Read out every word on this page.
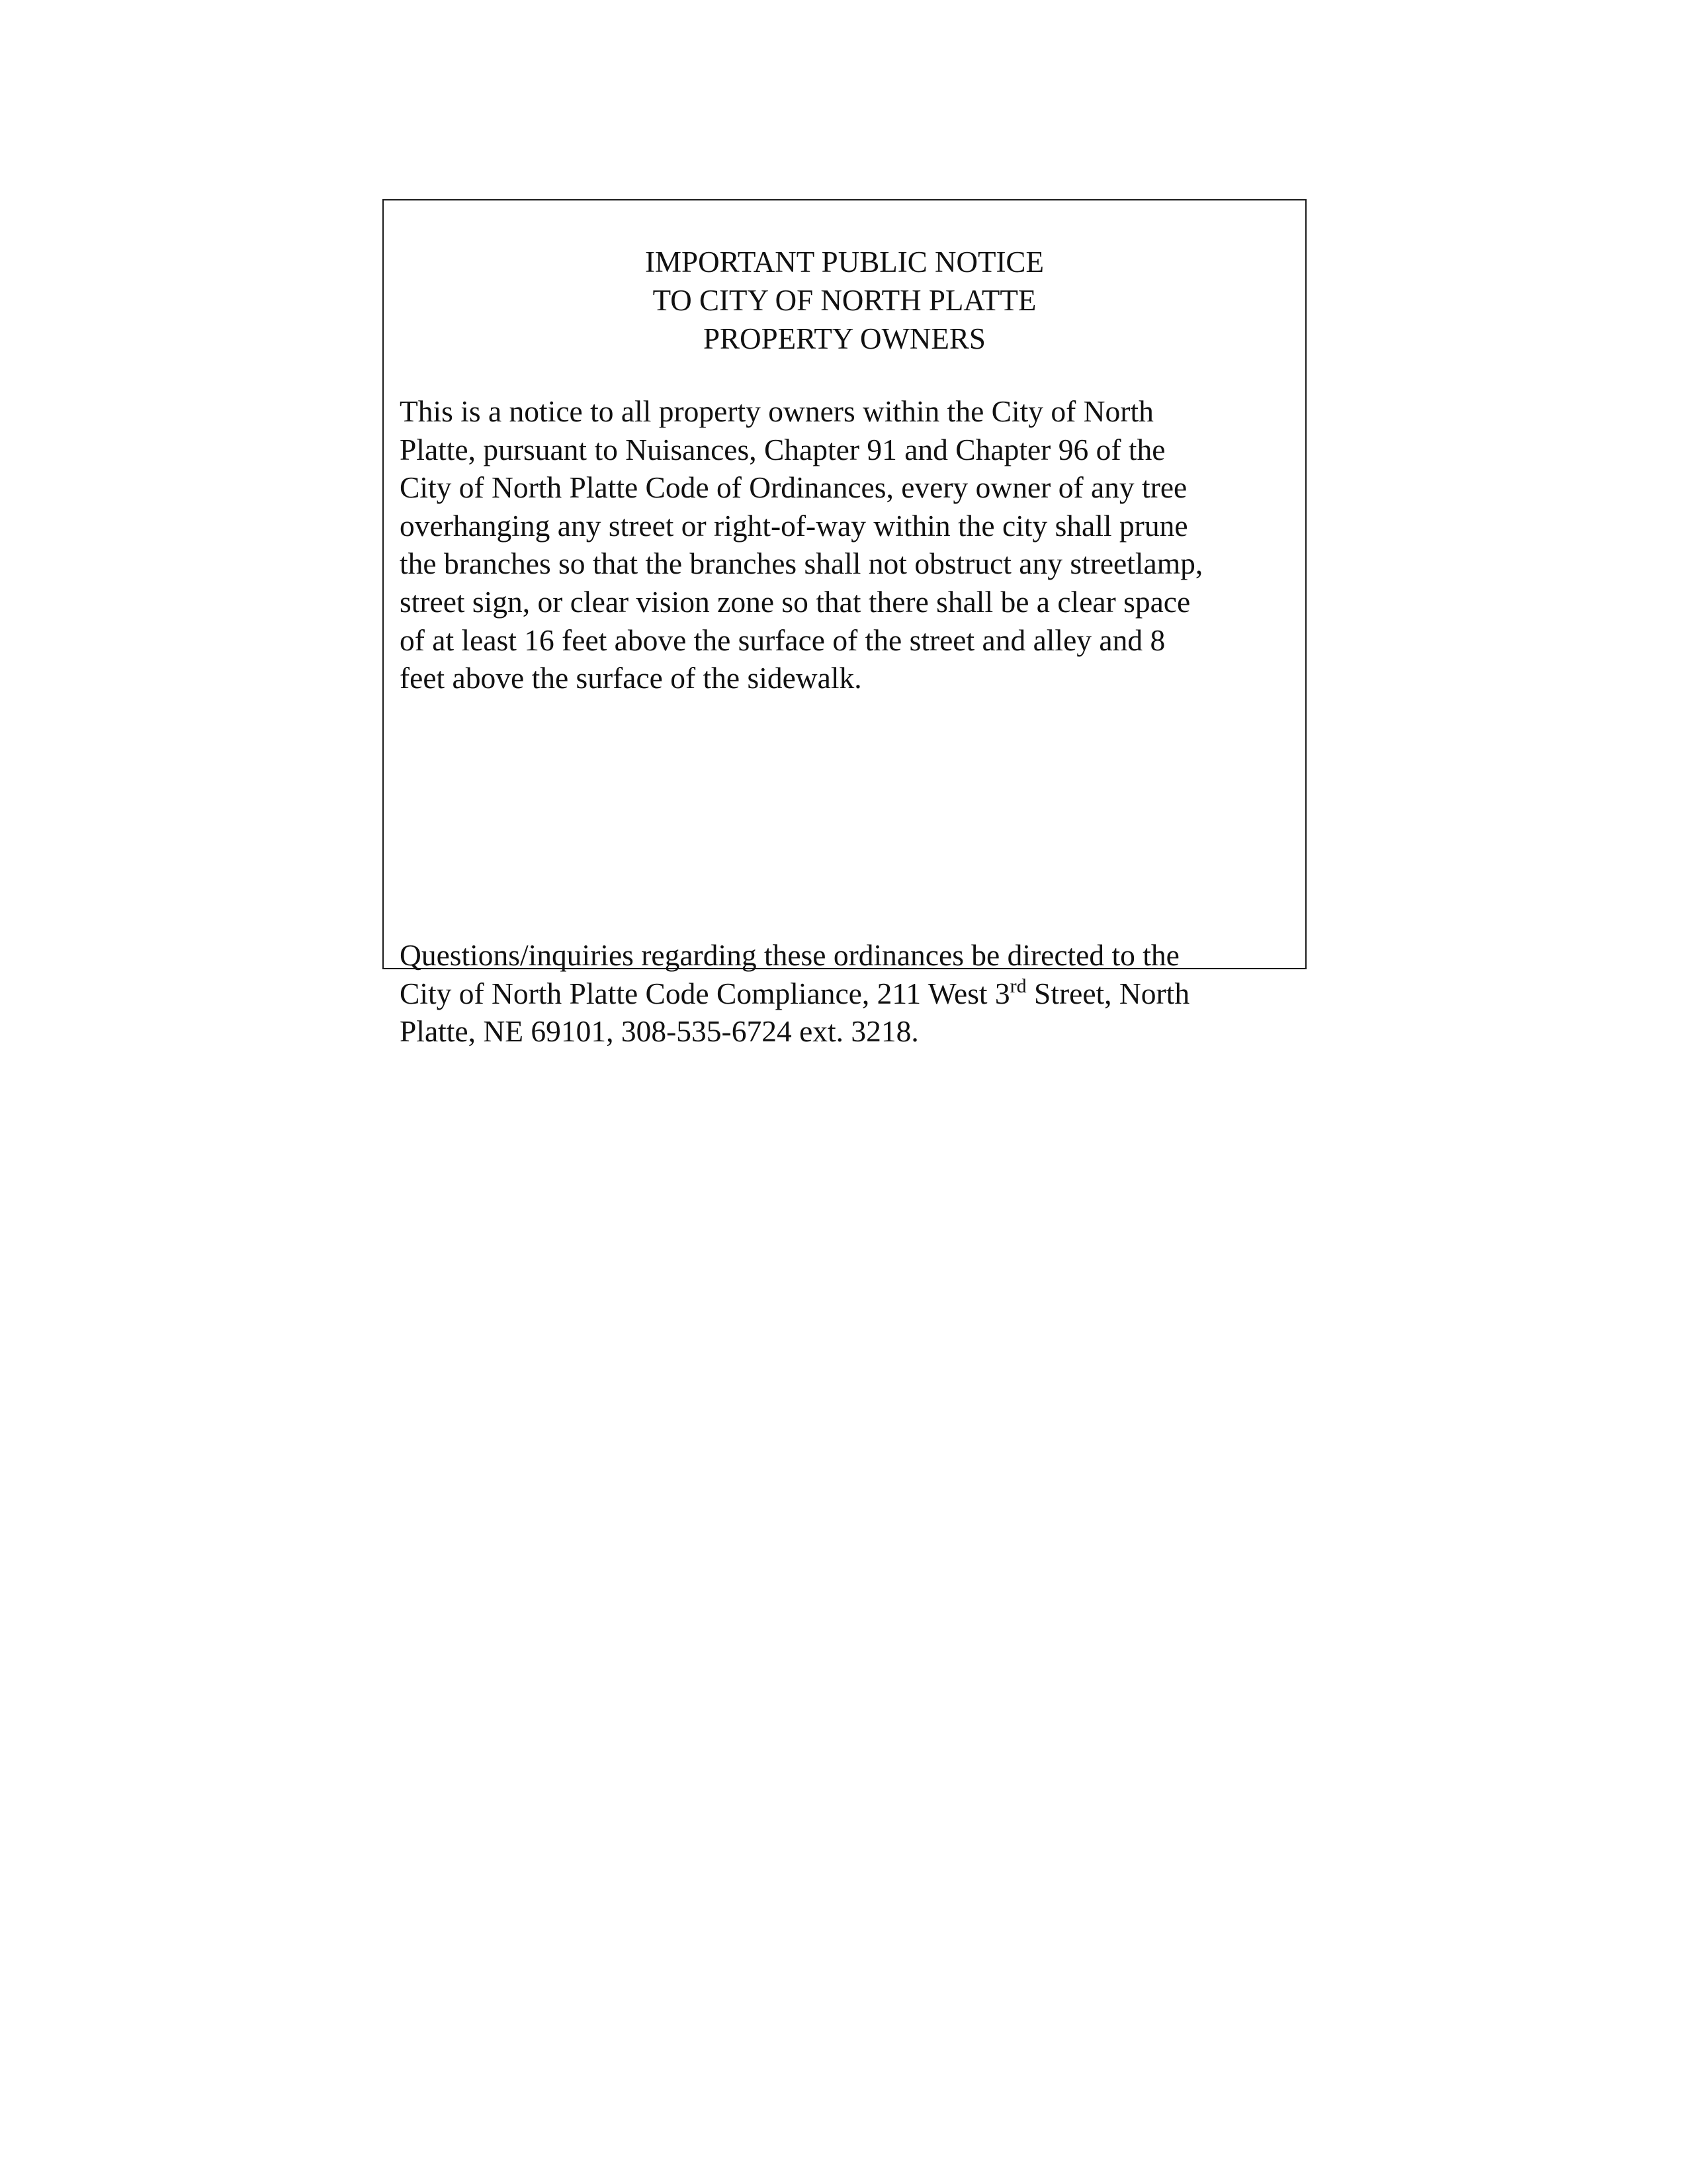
IMPORTANT PUBLIC NOTICE
TO CITY OF NORTH PLATTE
PROPERTY OWNERS
This is a notice to all property owners within the City of North
Platte, pursuant to Nuisances, Chapter 91 and Chapter 96 of the
City of North Platte Code of Ordinances, every owner of any tree
overhanging any street or right-of-way within the city shall prune
the branches so that the branches shall not obstruct any streetlamp,
street sign, or clear vision zone so that there shall be a clear space
of at least 16 feet above the surface of the street and alley and 8
feet above the surface of the sidewalk.
Questions/inquiries regarding these ordinances be directed to the
City of North Platte Code Compliance, 211 West 3rd Street, North
Platte, NE 69101, 308-535-6724 ext. 3218.
